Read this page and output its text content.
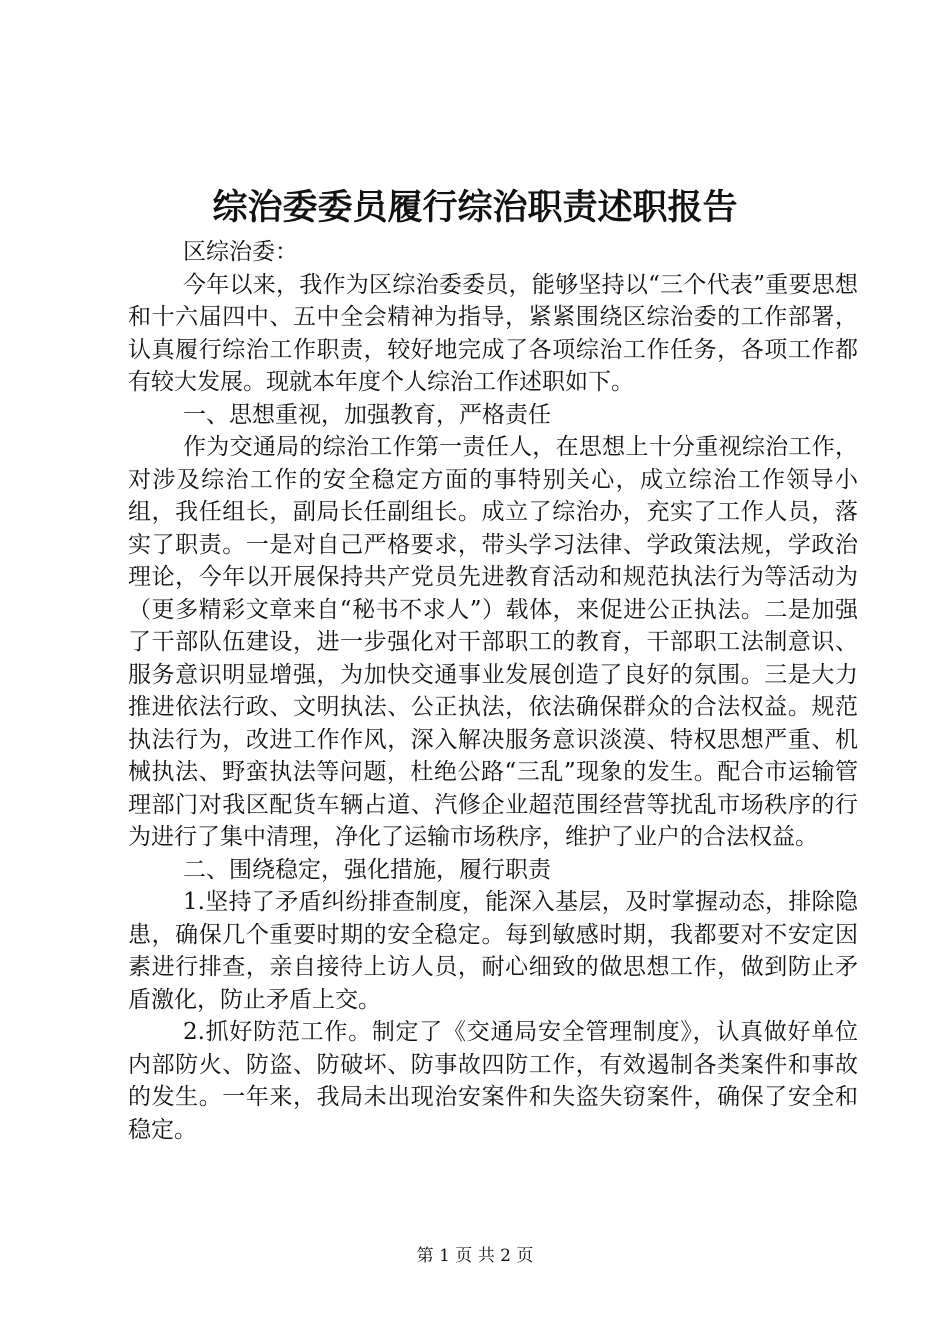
综治委委员履行综治职责述职报告

区综治委：

今年以来，我作为区综治委委员，能够坚持以“三个代表”重要思想和十六届四中、五中全会精神为指导，紧紧围绕区综治委的工作部署，认真履行综治工作职责，较好地完成了各项综治工作任务，各项工作都有较大发展。现就本年度个人综治工作述职如下。

一、思想重视，加强教育，严格责任

作为交通局的综治工作第一责任人，在思想上十分重视综治工作，对涉及综治工作的安全稳定方面的事特别关心，成立综治工作领导小组，我任组长，副局长任副组长。成立了综治办，充实了工作人员，落实了职责。一是对自己严格要求，带头学习法律、学政策法规，学政治理论，今年以开展保持共产党员先进教育活动和规范执法行为等活动为（更多精彩文章来自“秘书不求人”）载体，来促进公正执法。二是加强了干部队伍建设，进一步强化对干部职工的教育，干部职工法制意识、服务意识明显增强，为加快交通事业发展创造了良好的氛围。三是大力推进依法行政、文明执法、公正执法，依法确保群众的合法权益。规范执法行为，改进工作作风，深入解决服务意识淡漠、特权思想严重、机械执法、野蛮执法等问题，杜绝公路“三乱”现象的发生。配合市运输管理部门对我区配货车辆占道、汽修企业超范围经营等扰乱市场秩序的行为进行了集中清理，净化了运输市场秩序，维护了业户的合法权益。

二、围绕稳定，强化措施，履行职责

1.坚持了矛盾纠纷排查制度，能深入基层，及时掌握动态，排除隐患，确保几个重要时期的安全稳定。每到敏感时期，我都要对不安定因素进行排查，亲自接待上访人员，耐心细致的做思想工作，做到防止矛盾激化，防止矛盾上交。

2.抓好防范工作。制定了《交通局安全管理制度》，认真做好单位内部防火、防盗、防破坏、防事故四防工作，有效遏制各类案件和事故的发生。一年来，我局未出现治安案件和失盗失窃案件，确保了安全和稳定。

第 1 页 共 2 页
